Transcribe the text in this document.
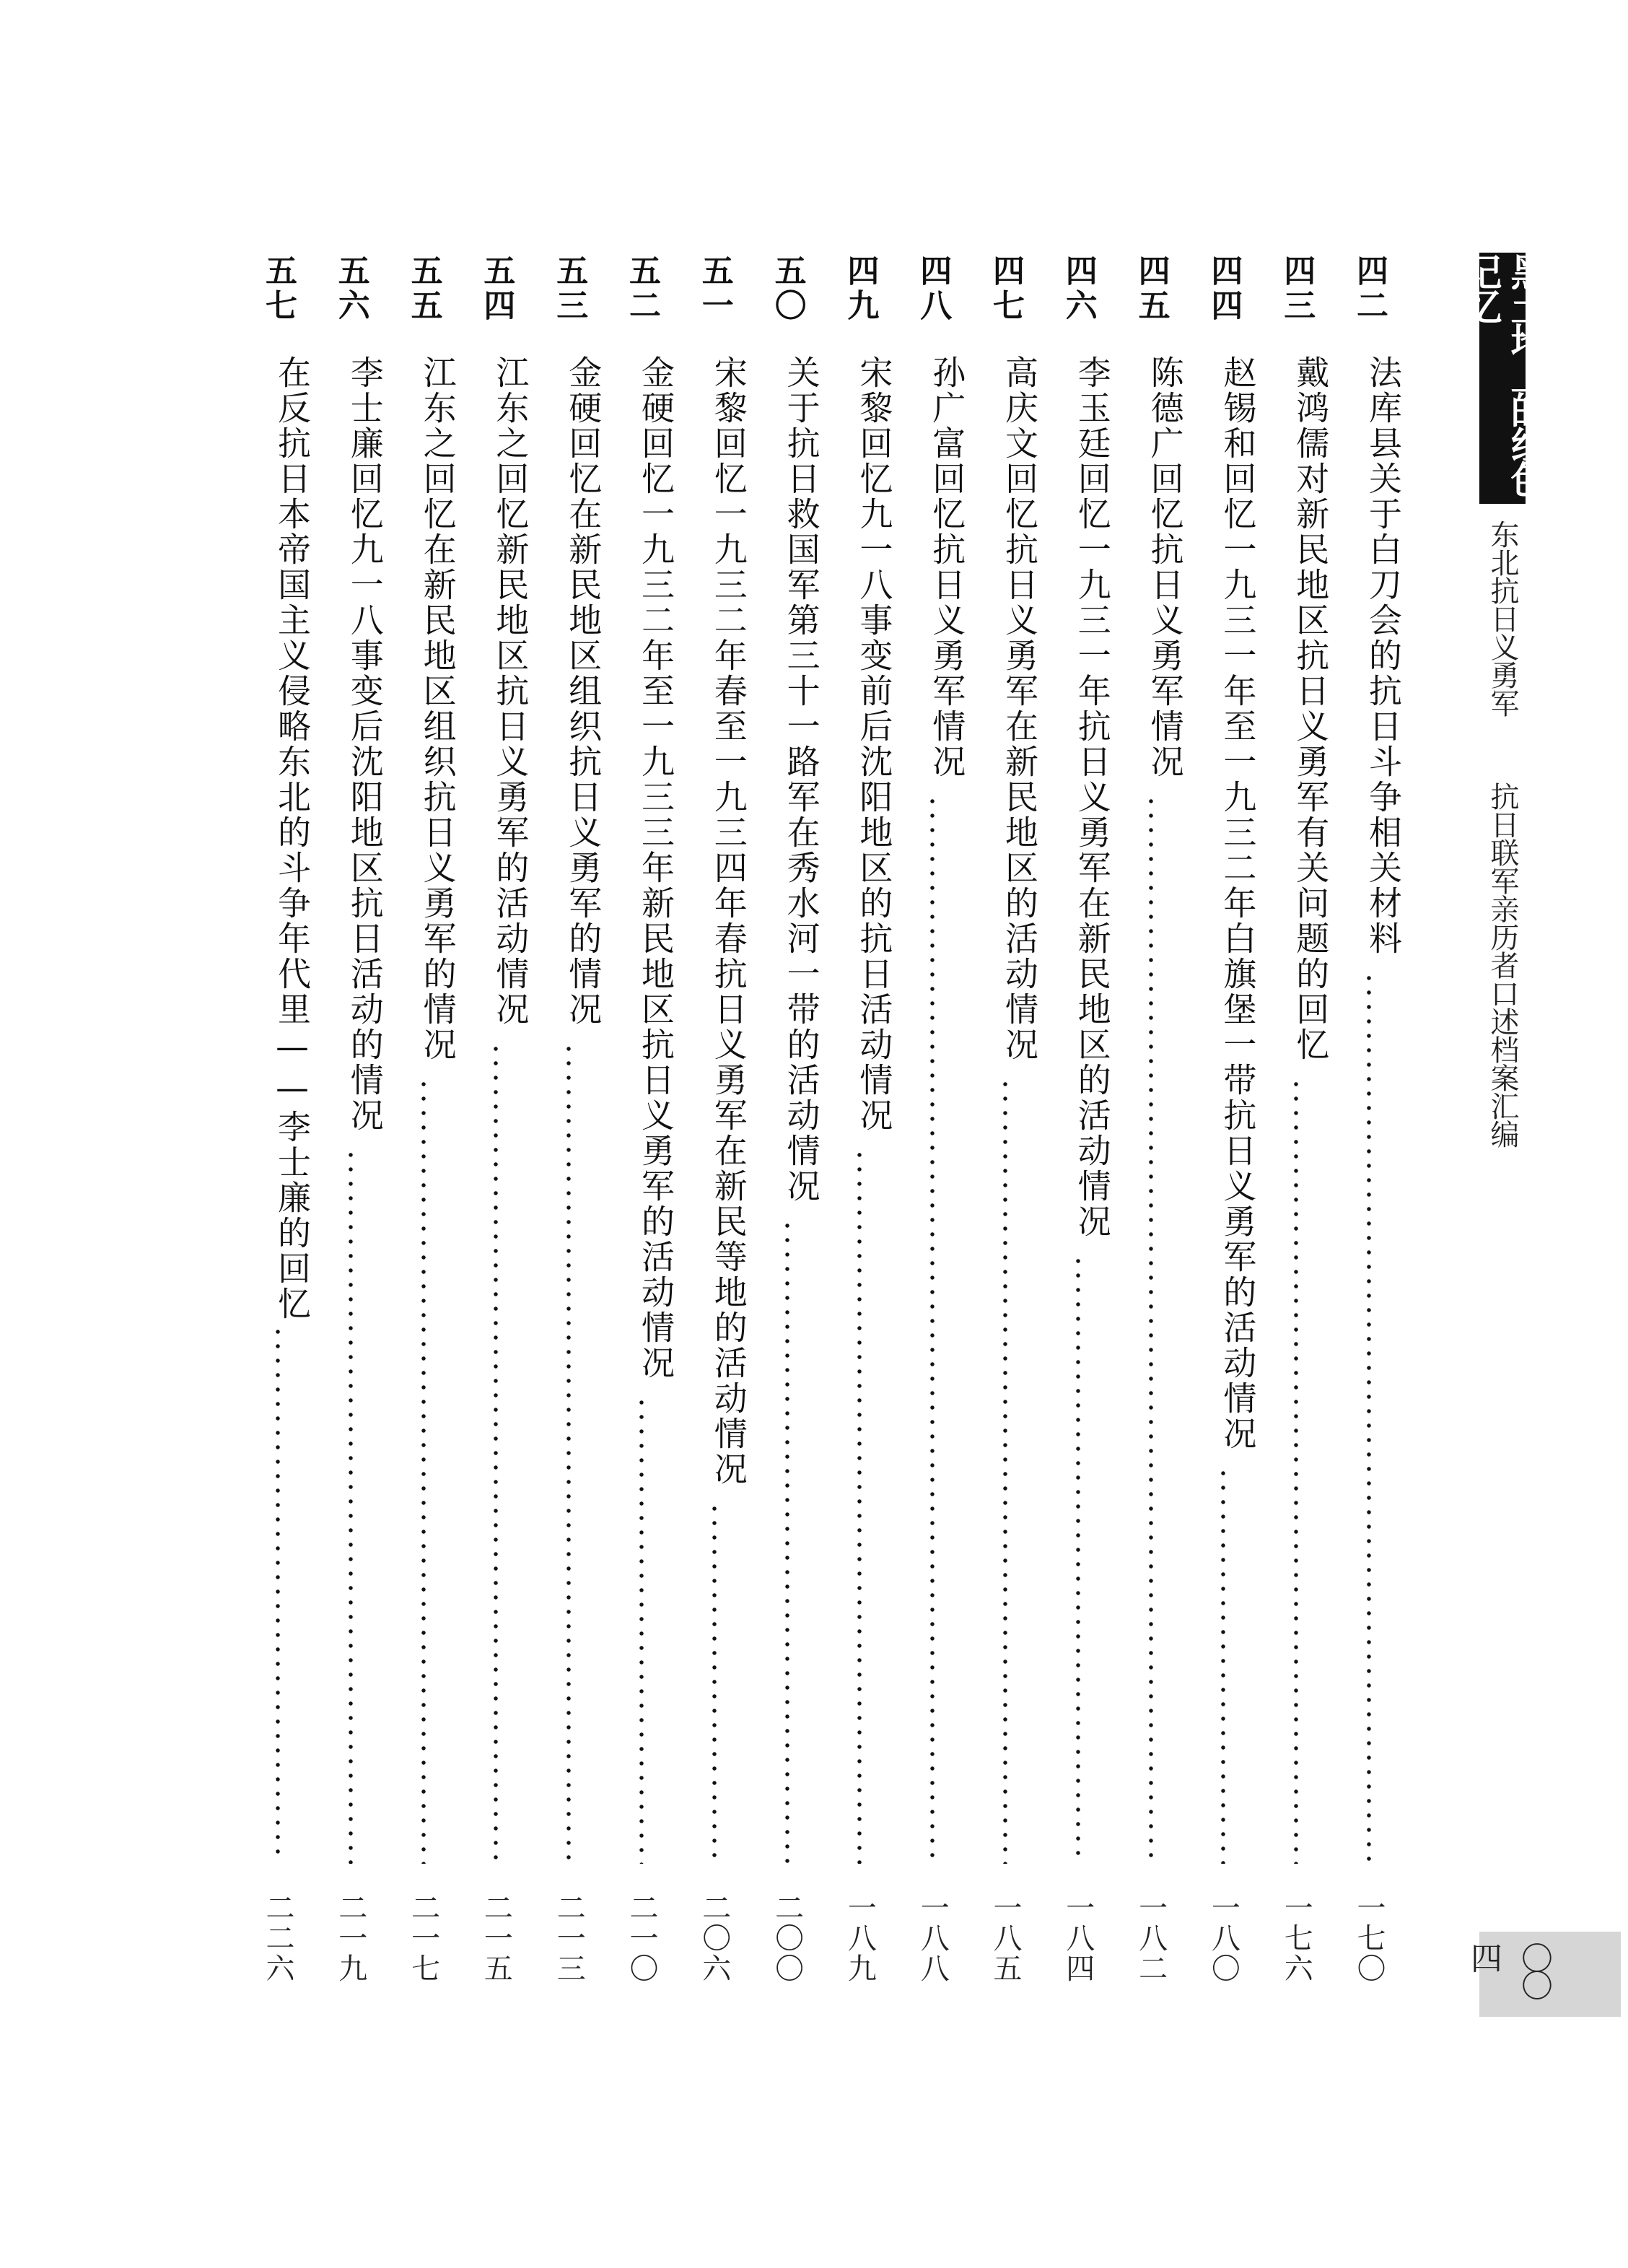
黑土地上的红色记忆
东北抗日义勇军  抗日联军亲历者口述档案汇编
〇〇四
四二
法库县关于白刀会的抗日斗争相关材料
一七〇
四三
戴鸿儒对新民地区抗日义勇军有关问题的回忆
一七六
四四
赵锡和回忆一九三一年至一九三二年白旗堡一带抗日义勇军的活动情况
一八〇
四五
陈德广回忆抗日义勇军情况
一八二
四六
李玉廷回忆一九三一年抗日义勇军在新民地区的活动情况
一八四
四七
高庆文回忆抗日义勇军在新民地区的活动情况
一八五
四八
孙广富回忆抗日义勇军情况
一八八
四九
宋黎回忆九一八事变前后沈阳地区的抗日活动情况
一八九
五〇
关于抗日救国军第三十一路军在秀水河一带的活动情况
二〇〇
五一
宋黎回忆一九三二年春至一九三四年春抗日义勇军在新民等地的活动情况
二〇六
五二
金硬回忆一九三二年至一九三三年新民地区抗日义勇军的活动情况
二一〇
五三
金硬回忆在新民地区组织抗日义勇军的情况
二一三
五四
江东之回忆新民地区抗日义勇军的活动情况
二一五
五五
江东之回忆在新民地区组织抗日义勇军的情况
二一七
五六
李士廉回忆九一八事变后沈阳地区抗日活动的情况
二一九
五七
在反抗日本帝国主义侵略东北的斗争年代里——李士廉的回忆
二二六
